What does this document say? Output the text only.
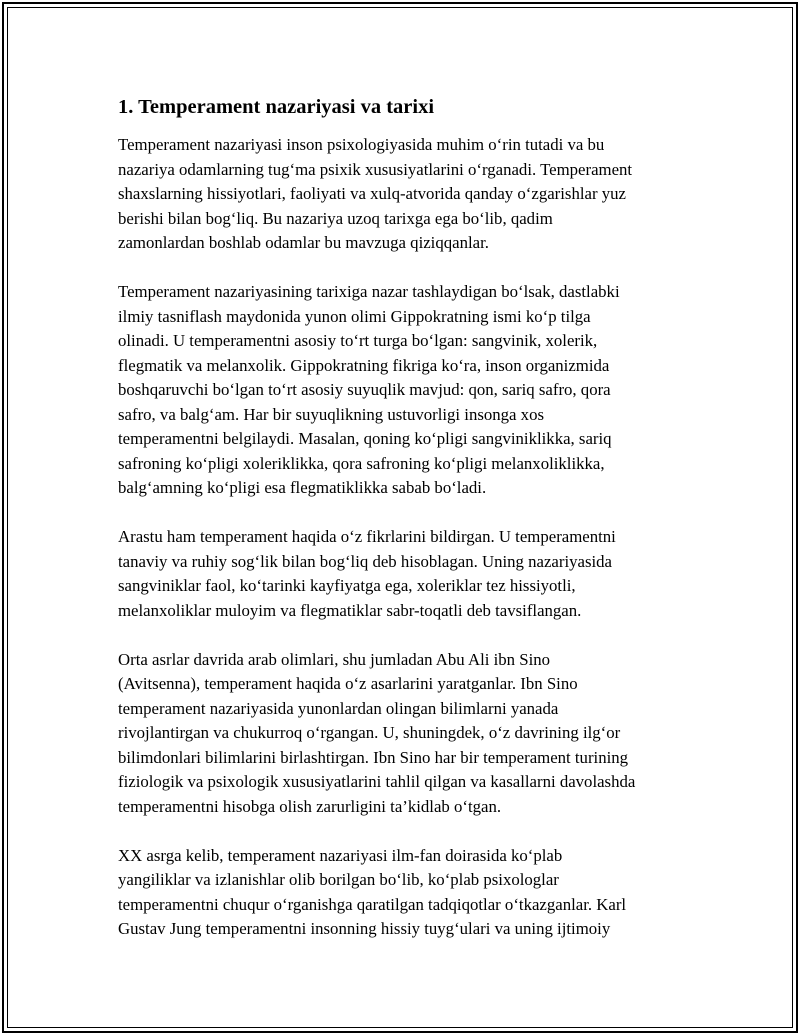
1. Temperament nazariyasi va tarixi

Temperament nazariyasi inson psixologiyasida muhim o‘rin tutadi va bu
nazariya odamlarning tug‘ma psixik xususiyatlarini o‘rganadi. Temperament
shaxslarning hissiyotlari, faoliyati va xulq-atvorida qanday o‘zgarishlar yuz
berishi bilan bog‘liq. Bu nazariya uzoq tarixga ega bo‘lib, qadim
zamonlardan boshlab odamlar bu mavzuga qiziqqanlar.

Temperament nazariyasining tarixiga nazar tashlaydigan bo‘lsak, dastlabki
ilmiy tasniflash maydonida yunon olimi Gippokratning ismi ko‘p tilga
olinadi. U temperamentni asosiy to‘rt turga bo‘lgan: sangvinik, xolerik,
flegmatik va melanxolik. Gippokratning fikriga ko‘ra, inson organizmida
boshqaruvchi bo‘lgan to‘rt asosiy suyuqlik mavjud: qon, sariq safro, qora
safro, va balg‘am. Har bir suyuqlikning ustuvorligi insonga xos
temperamentni belgilaydi. Masalan, qoning ko‘pligi sangviniklikka, sariq
safroning ko‘pligi xoleriklikka, qora safroning ko‘pligi melanxoliklikka,
balg‘amning ko‘pligi esa flegmatiklikka sabab bo‘ladi.

Arastu ham temperament haqida o‘z fikrlarini bildirgan. U temperamentni
tanaviy va ruhiy sog‘lik bilan bog‘liq deb hisoblagan. Uning nazariyasida
sangviniklar faol, ko‘tarinki kayfiyatga ega, xoleriklar tez hissiyotli,
melanxoliklar muloyim va flegmatiklar sabr-toqatli deb tavsiflangan.

Orta asrlar davrida arab olimlari, shu jumladan Abu Ali ibn Sino
(Avitsenna), temperament haqida o‘z asarlarini yaratganlar. Ibn Sino
temperament nazariyasida yunonlardan olingan bilimlarni yanada
rivojlantirgan va chukurroq o‘rgangan. U, shuningdek, o‘z davrining ilg‘or
bilimdonlari bilimlarini birlashtirgan. Ibn Sino har bir temperament turining
fiziologik va psixologik xususiyatlarini tahlil qilgan va kasallarni davolashda
temperamentni hisobga olish zarurligini ta’kidlab o‘tgan.

XX asrga kelib, temperament nazariyasi ilm-fan doirasida ko‘plab
yangiliklar va izlanishlar olib borilgan bo‘lib, ko‘plab psixologlar
temperamentni chuqur o‘rganishga qaratilgan tadqiqotlar o‘tkazganlar. Karl
Gustav Jung temperamentni insonning hissiy tuyg‘ulari va uning ijtimoiy
